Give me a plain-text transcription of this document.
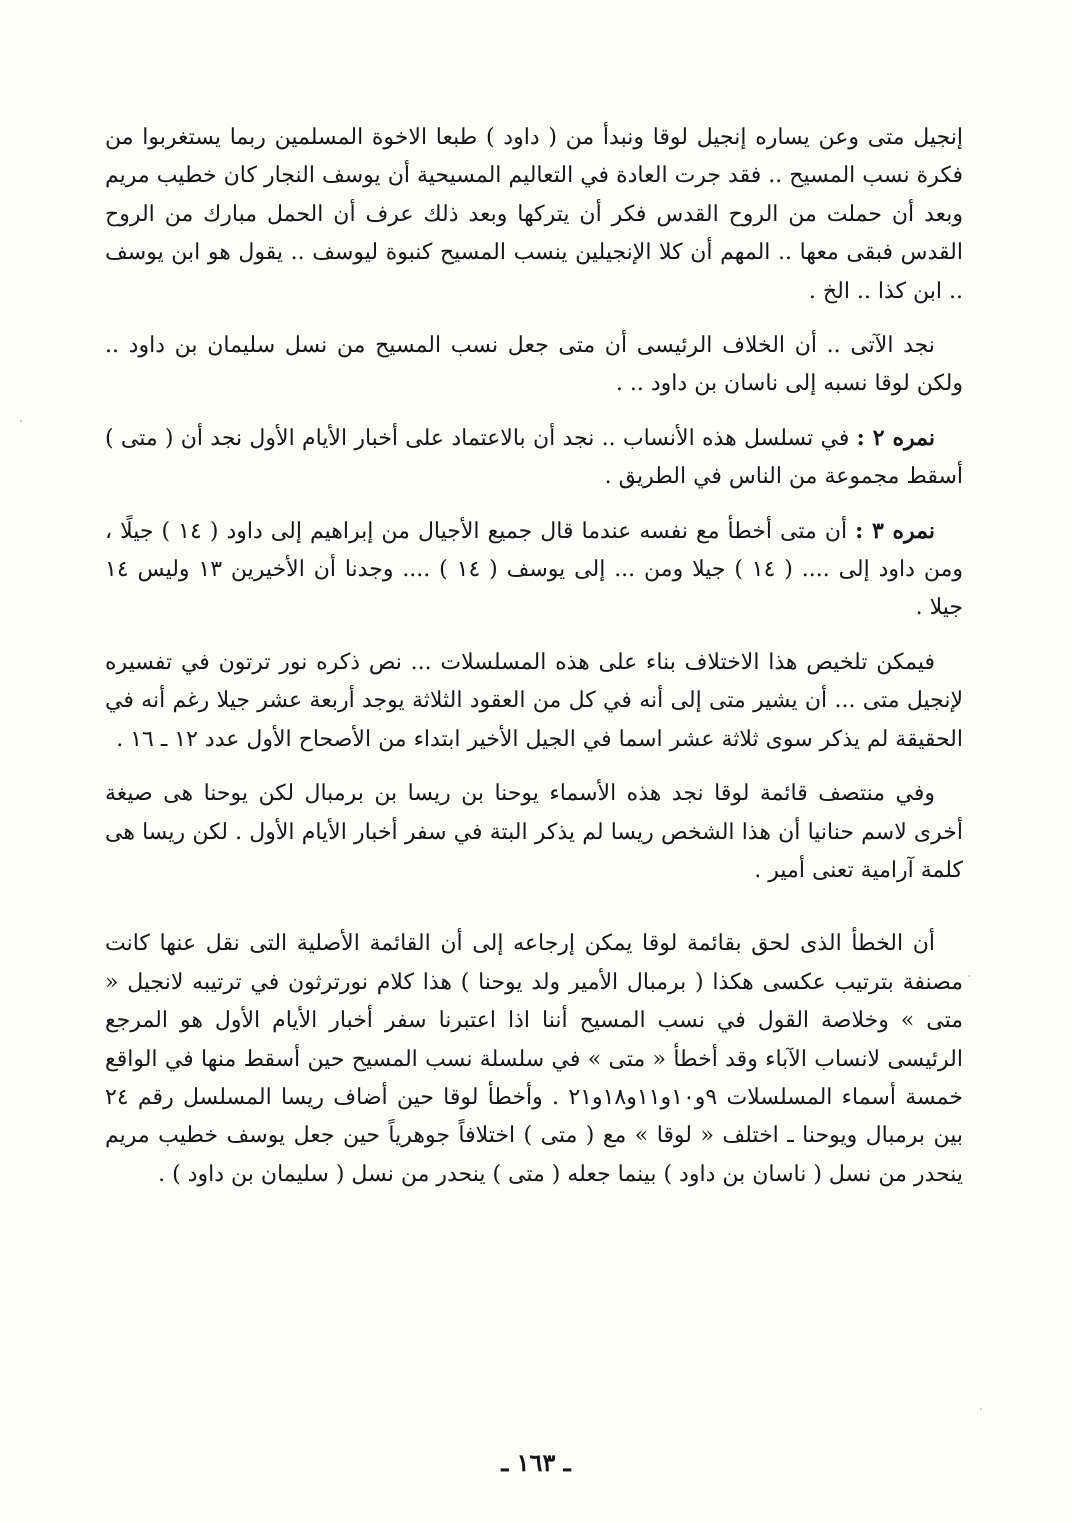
إنجيل متى وعن يساره إنجيل لوقا ونبدأ من ( داود ) طبعا الاخوة المسلمين ربما يستغربوا من فكرة نسب المسيح .. فقد جرت العادة في التعاليم المسيحية أن يوسف النجار كان خطيب مريم وبعد أن حملت من الروح القدس فكر أن يتركها وبعد ذلك عرف أن الحمل مبارك من الروح القدس فبقى معها .. المهم أن كلا الإنجيلين ينسب المسيح كنبوة ليوسف .. يقول هو ابن يوسف .. ابن كذا .. الخ .

نجد الآتى .. أن الخلاف الرئيسى أن متى جعل نسب المسيح من نسل سليمان بن داود .. ولكن لوقا نسبه إلى ناسان بن داود .. .

نمره ٢ : في تسلسل هذه الأنساب .. نجد أن بالاعتماد على أخبار الأيام الأول نجد أن ( متى ) أسقط مجموعة من الناس في الطريق .

نمره ٣ : أن متى أخطأ مع نفسه عندما قال جميع الأجيال من إبراهيم إلى داود ( ١٤ ) جيلًا ، ومن داود إلى .... ( ١٤ ) جيلا ومن ... إلى يوسف ( ١٤ ) .... وجدنا أن الأخيرين ١٣ وليس ١٤ جيلا .

فيمكن تلخيص هذا الاختلاف بناء على هذه المسلسلات ... نص ذكره نور ترتون في تفسيره لإنجيل متى ... أن يشير متى إلى أنه في كل من العقود الثلاثة يوجد أربعة عشر جيلا رغم أنه في الحقيقة لم يذكر سوى ثلاثة عشر اسما في الجيل الأخير ابتداء من الأصحاح الأول عدد ١٢ ـ ١٦ .

وفي منتصف قائمة لوقا نجد هذه الأسماء يوحنا بن ريسا بن برمبال لكن يوحنا هى صيغة أخرى لاسم حنانيا أن هذا الشخص ريسا لم يذكر البتة في سفر أخبار الأيام الأول . لكن ريسا هى كلمة آرامية تعنى أمير .

أن الخطأ الذى لحق بقائمة لوقا يمكن إرجاعه إلى أن القائمة الأصلية التى نقل عنها كانت مصنفة بترتيب عكسى هكذا ( برمبال الأمير ولد يوحنا ) هذا كلام نورترثون في ترتيبه لانجيل « متى » وخلاصة القول في نسب المسيح أننا اذا اعتبرنا سفر أخبار الأيام الأول هو المرجع الرئيسى لانساب الآباء وقد أخطأ « متى » في سلسلة نسب المسيح حين أسقط منها في الواقع خمسة أسماء المسلسلات ٩و١٠و١١و١٨و٢١ . وأخطأ لوقا حين أضاف ريسا المسلسل رقم ٢٤ بين برمبال ويوحنا ـ اختلف « لوقا » مع ( متى ) اختلافاً جوهرياً حين جعل يوسف خطيب مريم ينحدر من نسل ( ناسان بن داود ) بينما جعله ( متى ) ينحدر من نسل ( سليمان بن داود ) .

ـ ١٦٣ ـ
